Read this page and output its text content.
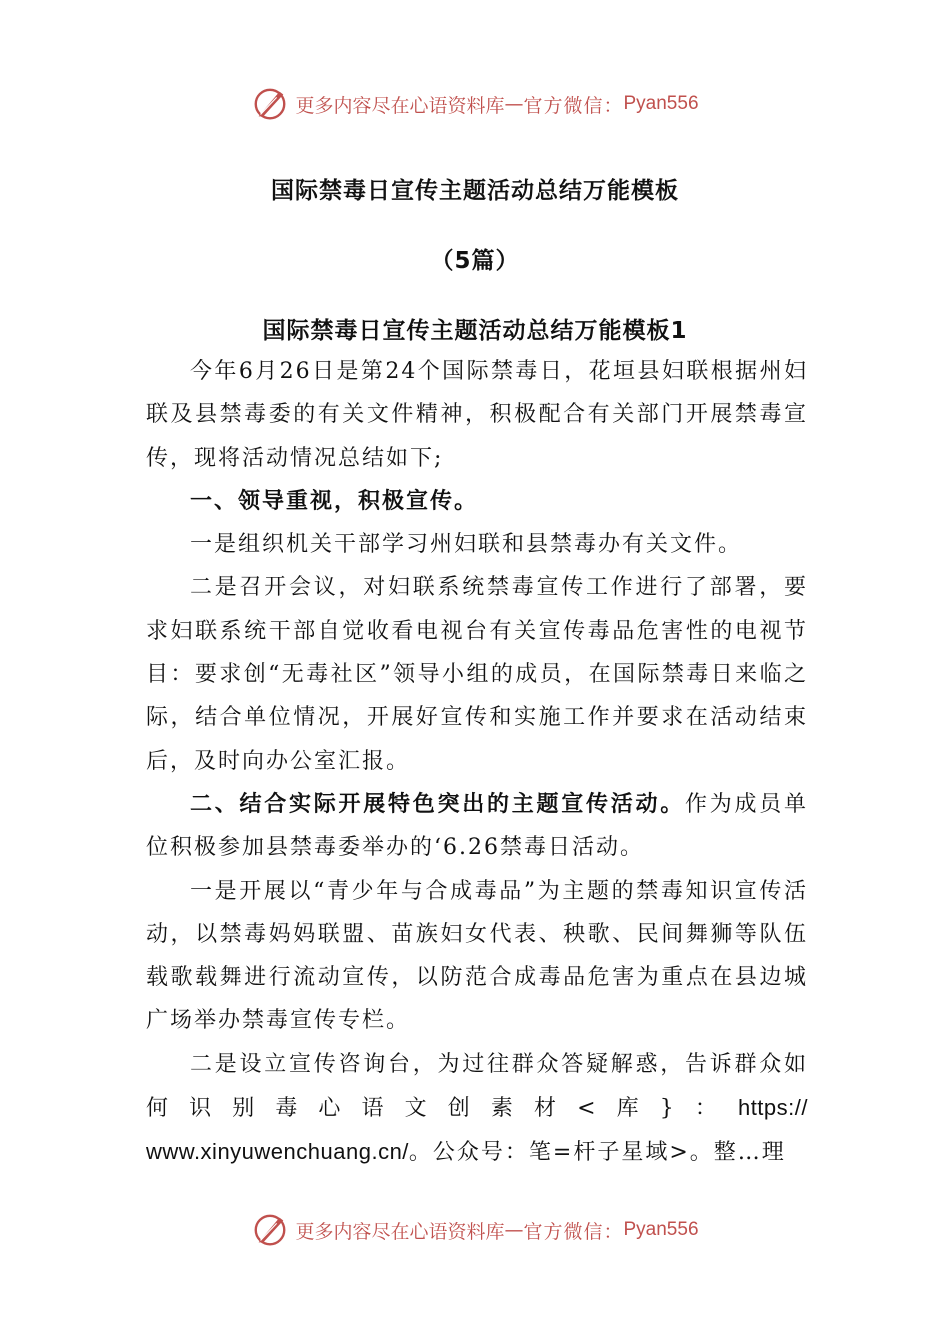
更多内容尽在心语资料库 — 官方微信： Pyan556
国际禁毒日宣传主题活动总结万能模板
（5篇）
国际禁毒日宣传主题活动总结万能模板1

今年6月26日是第24个国际禁毒日，花垣县妇联根据州妇联及县禁毒委的有关文件精神，积极配合有关部门开展禁毒宣传，现将活动情况总结如下;

一、领导重视，积极宣传。

一是组织机关干部学习州妇联和县禁毒办有关文件。

二是召开会议，对妇联系统禁毒宣传工作进行了部署，要求妇联系统干部自觉收看电视台有关宣传毒品危害性的电视节目：要求创“无毒社区”领导小组的成员，在国际禁毒日来临之际，结合单位情况，开展好宣传和实施工作并要求在活动结束后，及时向办公室汇报。

二、结合实际开展特色突出的主题宣传活动。作为成员单位积极参加县禁毒委举办的‘6.26禁毒日活动。

一是开展以“青少年与合成毒品”为主题的禁毒知识宣传活动，以禁毒妈妈联盟、苗族妇女代表、秧歌、民间舞狮等队伍载歌载舞进行流动宣传，以防范合成毒品危害为重点在县边城广场举办禁毒宣传专栏。

二是设立宣传咨询台，为过往群众答疑解惑，告诉群众如何识别毒心语文创素材<库}：https://

www.xinyuwenchuang.cn/。公众号：笔=杆子星域>。整…理

更多内容尽在心语资料库 — 官方微信： Pyan556
